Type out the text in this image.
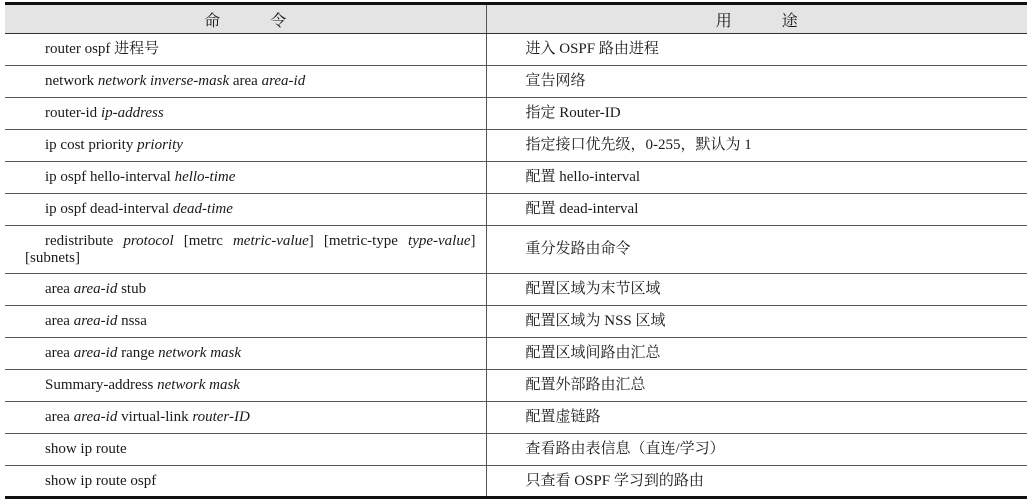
命 令	用 途
router ospf 进程号	进入 OSPF 路由进程
network network inverse-mask area area-id	宣告网络
router-id ip-address	指定 Router-ID
ip cost priority priority	指定接口优先级，0-255，默认为 1
ip ospf hello-interval hello-time	配置 hello-interval
ip ospf dead-interval dead-time	配置 dead-interval
redistribute protocol [metrc metric-value] [metric-type type-value][subnets]	重分发路由命令
area area-id stub	配置区域为末节区域
area area-id nssa	配置区域为 NSS 区域
area area-id range network mask	配置区域间路由汇总
Summary-address network mask	配置外部路由汇总
area area-id virtual-link router-ID	配置虚链路
show ip route	查看路由表信息（直连/学习）
show ip route ospf	只查看 OSPF 学习到的路由
